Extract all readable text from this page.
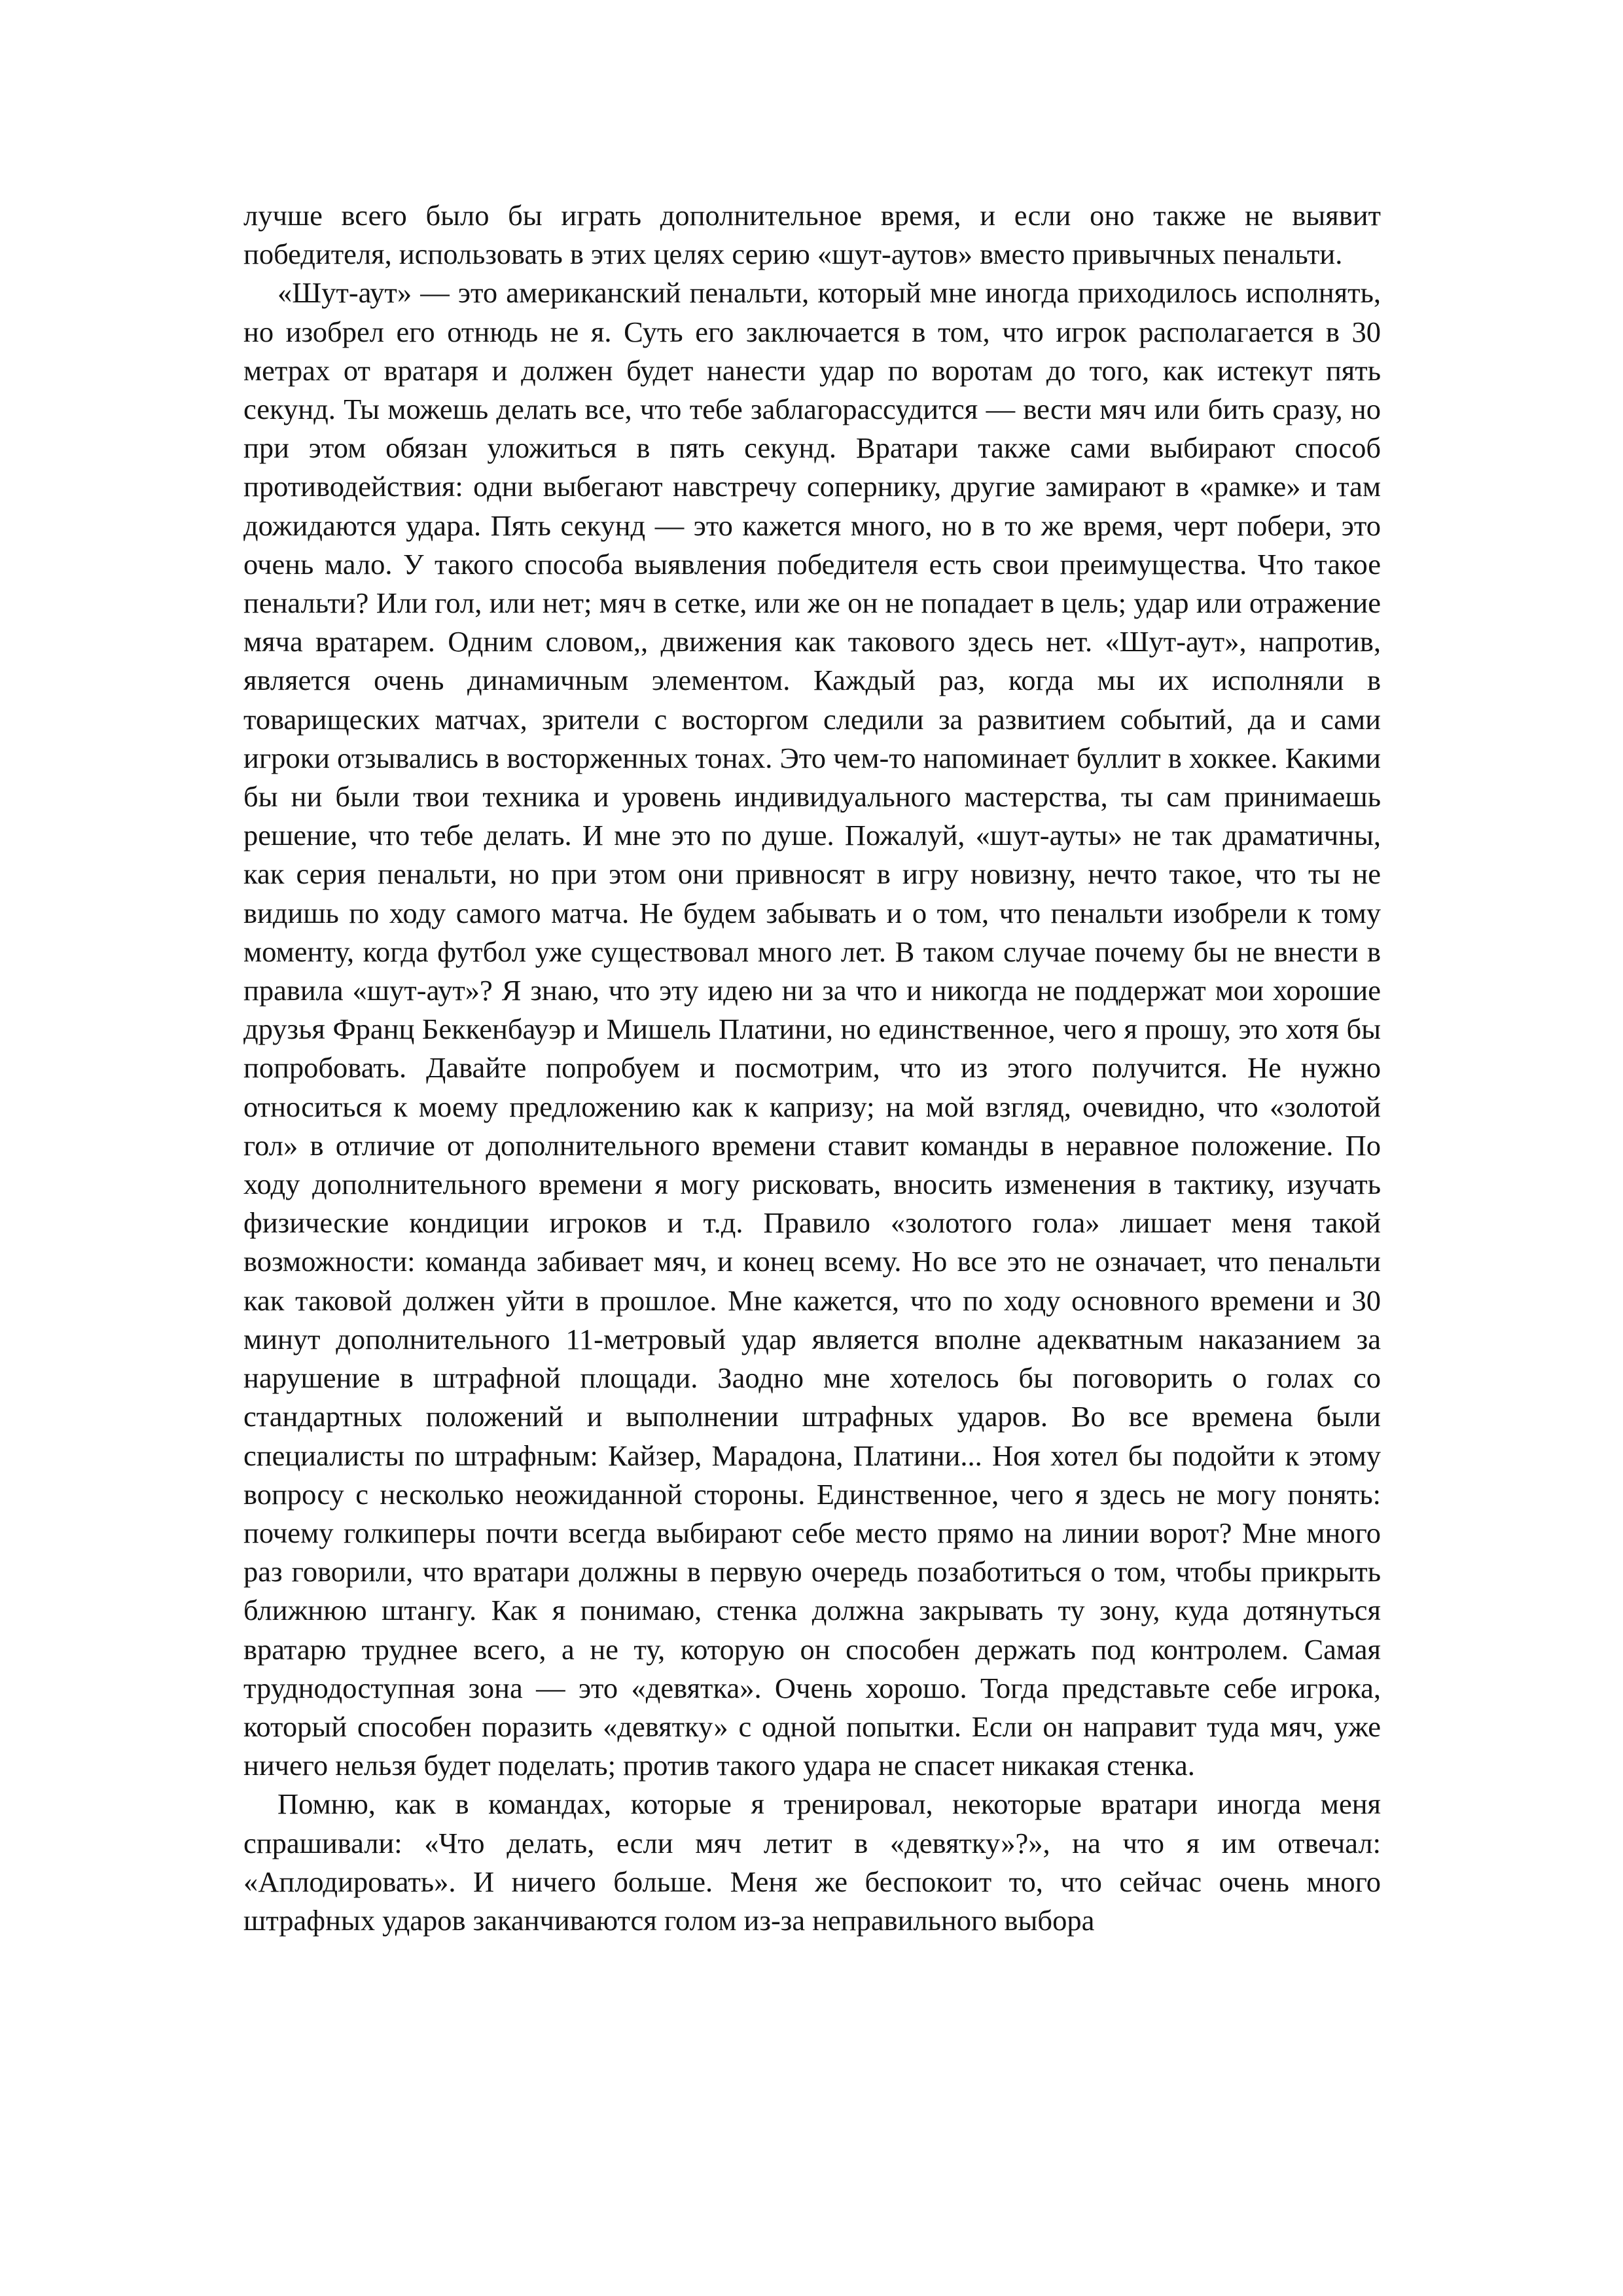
лучше всего было бы играть дополнительное время, и если оно также не выявит победителя, использовать в этих целях серию «шут-аутов» вместо привычных пенальти.

«Шут-аут» — это американский пенальти, который мне иногда приходилось исполнять, но изобрел его отнюдь не я. Суть его заключается в том, что игрок располагается в 30 метрах от вратаря и должен будет нанести удар по воротам до того, как истекут пять секунд. Ты можешь делать все, что тебе заблагорассудится — вести мяч или бить сразу, но при этом обязан уложиться в пять секунд. Вратари также сами выбирают способ противодействия: одни выбегают навстречу сопернику, другие замирают в «рамке» и там дожидаются удара. Пять секунд — это кажется много, но в то же время, черт побери, это очень мало. У такого способа выявления победителя есть свои преимущества. Что такое пенальти? Или гол, или нет; мяч в сетке, или же он не попадает в цель; удар или отражение мяча вратарем. Одним словом,, движения как такового здесь нет. «Шут-аут», напротив, является очень динамичным элементом. Каждый раз, когда мы их исполняли в товарищеских матчах, зрители с восторгом следили за развитием событий, да и сами игроки отзывались в восторженных тонах. Это чем-то напоминает буллит в хоккее. Какими бы ни были твои техника и уровень индивидуального мастерства, ты сам принимаешь решение, что тебе делать. И мне это по душе. Пожалуй, «шут-ауты» не так драматичны, как серия пенальти, но при этом они привносят в игру новизну, нечто такое, что ты не видишь по ходу самого матча. Не будем забывать и о том, что пенальти изобрели к тому моменту, когда футбол уже существовал много лет. В таком случае почему бы не внести в правила «шут-аут»? Я знаю, что эту идею ни за что и никогда не поддержат мои хорошие друзья Франц Беккенбауэр и Мишель Платини, но единственное, чего я прошу, это хотя бы попробовать. Давайте попробуем и посмотрим, что из этого получится. Не нужно относиться к моему предложению как к капризу; на мой взгляд, очевидно, что «золотой гол» в отличие от дополнительного времени ставит команды в неравное положение. По ходу дополнительного времени я могу рисковать, вносить изменения в тактику, изучать физические кондиции игроков и т.д. Правило «золотого гола» лишает меня такой возможности: команда забивает мяч, и конец всему. Но все это не означает, что пенальти как таковой должен уйти в прошлое. Мне кажется, что по ходу основного времени и 30 минут дополнительного 11-метровый удар является вполне адекватным наказанием за нарушение в штрафной площади. Заодно мне хотелось бы поговорить о голах со стандартных положений и выполнении штрафных ударов. Во все времена были специалисты по штрафным: Кайзер, Марадона, Платини... Ноя хотел бы подойти к этому вопросу с несколько неожиданной стороны. Единственное, чего я здесь не могу понять: почему голкиперы почти всегда выбирают себе место прямо на линии ворот? Мне много раз говорили, что вратари должны в первую очередь позаботиться о том, чтобы прикрыть ближнюю штангу. Как я понимаю, стенка должна закрывать ту зону, куда дотянуться вратарю труднее всего, а не ту, которую он способен держать под контролем. Самая труднодоступная зона — это «девятка». Очень хорошо. Тогда представьте себе игрока, который способен поразить «девятку» с одной попытки. Если он направит туда мяч, уже ничего нельзя будет поделать; против такого удара не спасет никакая стенка.

Помню, как в командах, которые я тренировал, некоторые вратари иногда меня спрашивали: «Что делать, если мяч летит в «девятку»?», на что я им отвечал: «Аплодировать». И ничего больше. Меня же беспокоит то, что сейчас очень много штрафных ударов заканчиваются голом из-за неправильного выбора
